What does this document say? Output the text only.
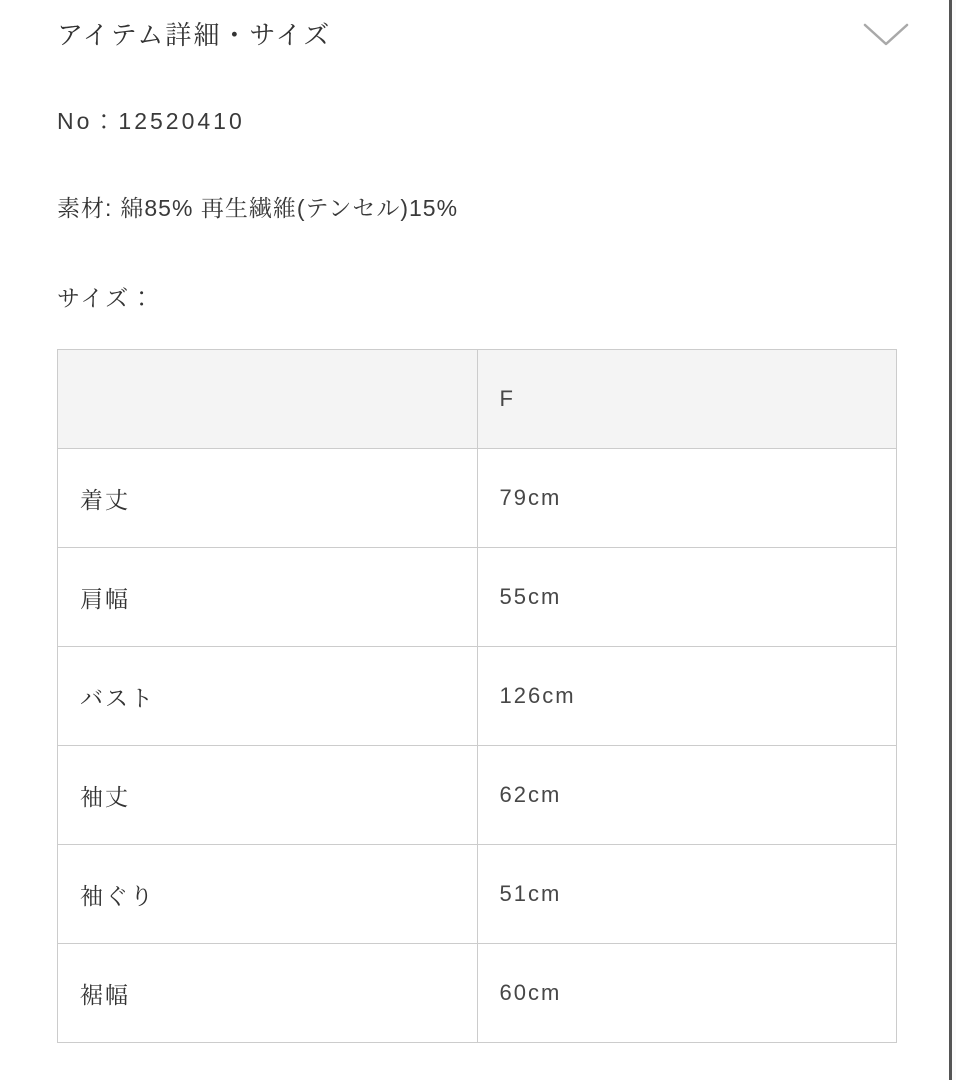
アイテム詳細・サイズ

No：12520410

素材: 綿85% 再生繊維(テンセル)15%

サイズ：

	F
着丈	79cm
肩幅	55cm
バスト	126cm
袖丈	62cm
袖ぐり	51cm
裾幅	60cm
